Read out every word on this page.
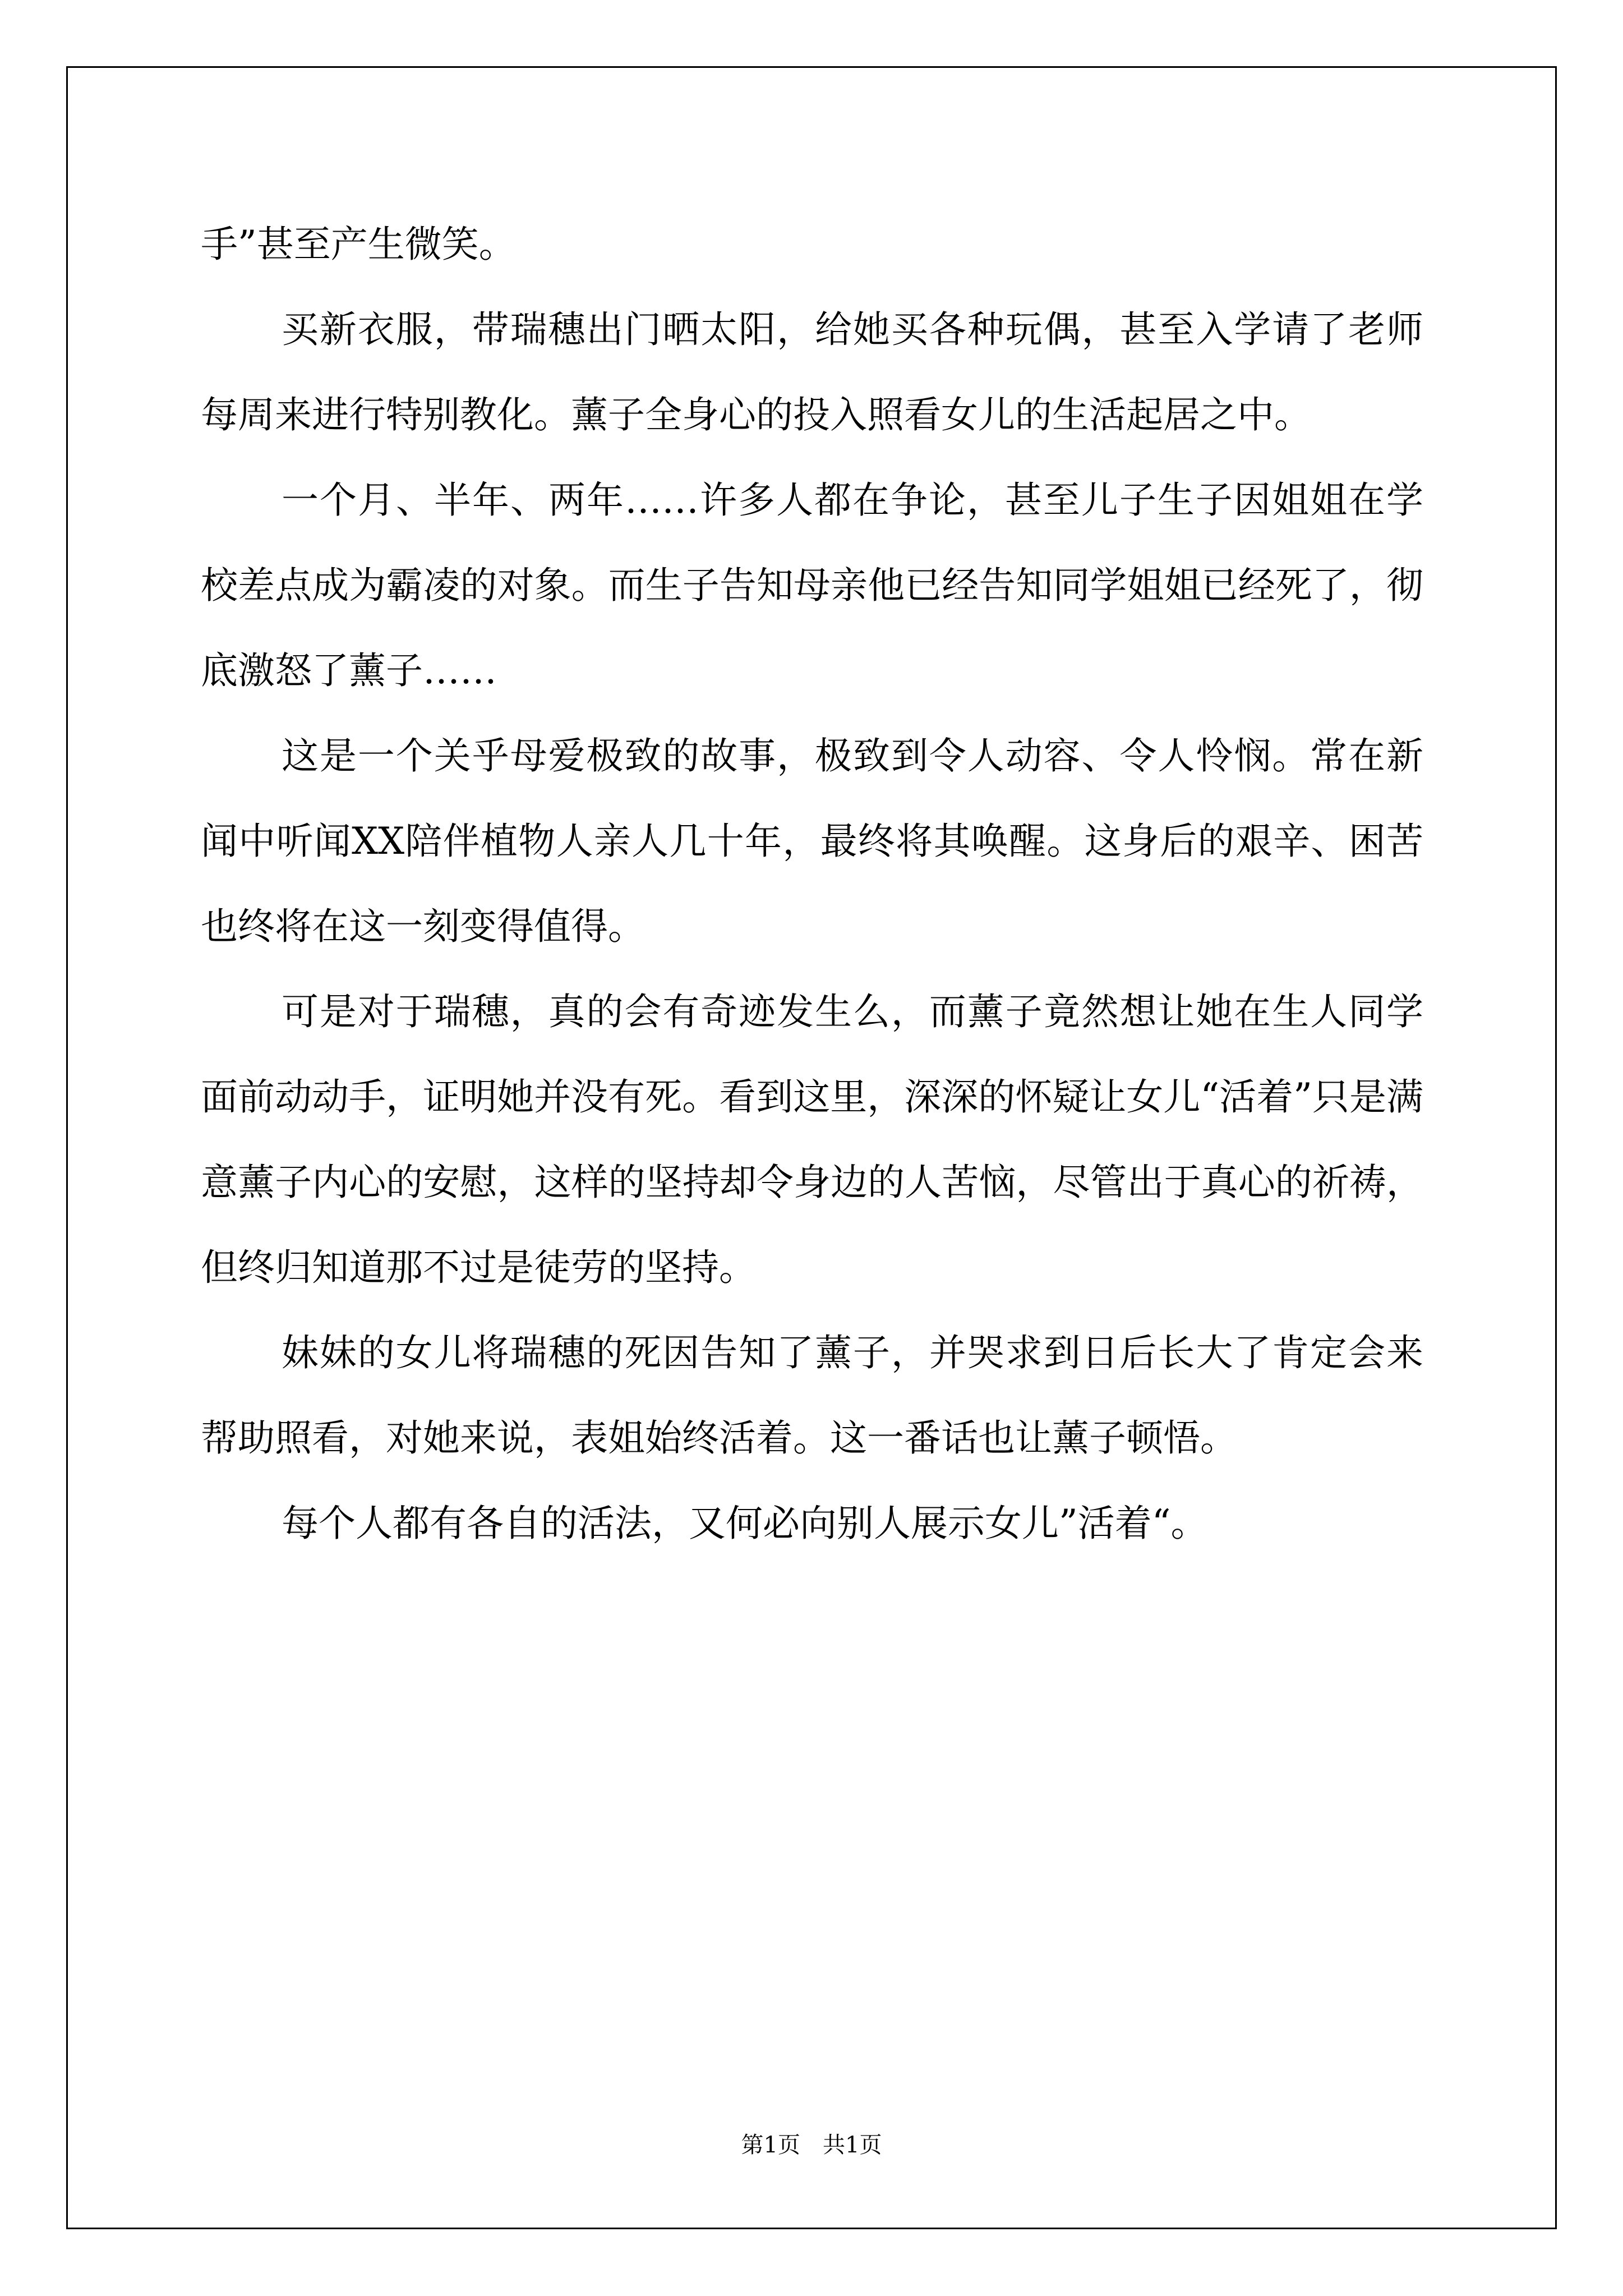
手”甚至产生微笑。

买新衣服，带瑞穗出门晒太阳，给她买各种玩偶，甚至入学请了老师每周来进行特别教化。薰子全身心的投入照看女儿的生活起居之中。

一个月、半年、两年……许多人都在争论，甚至儿子生子因姐姐在学校差点成为霸凌的对象。而生子告知母亲他已经告知同学姐姐已经死了，彻底激怒了薰子……

这是一个关乎母爱极致的故事，极致到令人动容、令人怜悯。常在新闻中听闻XX陪伴植物人亲人几十年，最终将其唤醒。这身后的艰辛、困苦也终将在这一刻变得值得。

可是对于瑞穗，真的会有奇迹发生么，而薰子竟然想让她在生人同学面前动动手，证明她并没有死。看到这里，深深的怀疑让女儿“活着”只是满意薰子内心的安慰，这样的坚持却令身边的人苦恼，尽管出于真心的祈祷，但终归知道那不过是徒劳的坚持。

妹妹的女儿将瑞穗的死因告知了薰子，并哭求到日后长大了肯定会来帮助照看，对她来说，表姐始终活着。这一番话也让薰子顿悟。

每个人都有各自的活法，又何必向别人展示女儿”活着“。

第1页　共1页
